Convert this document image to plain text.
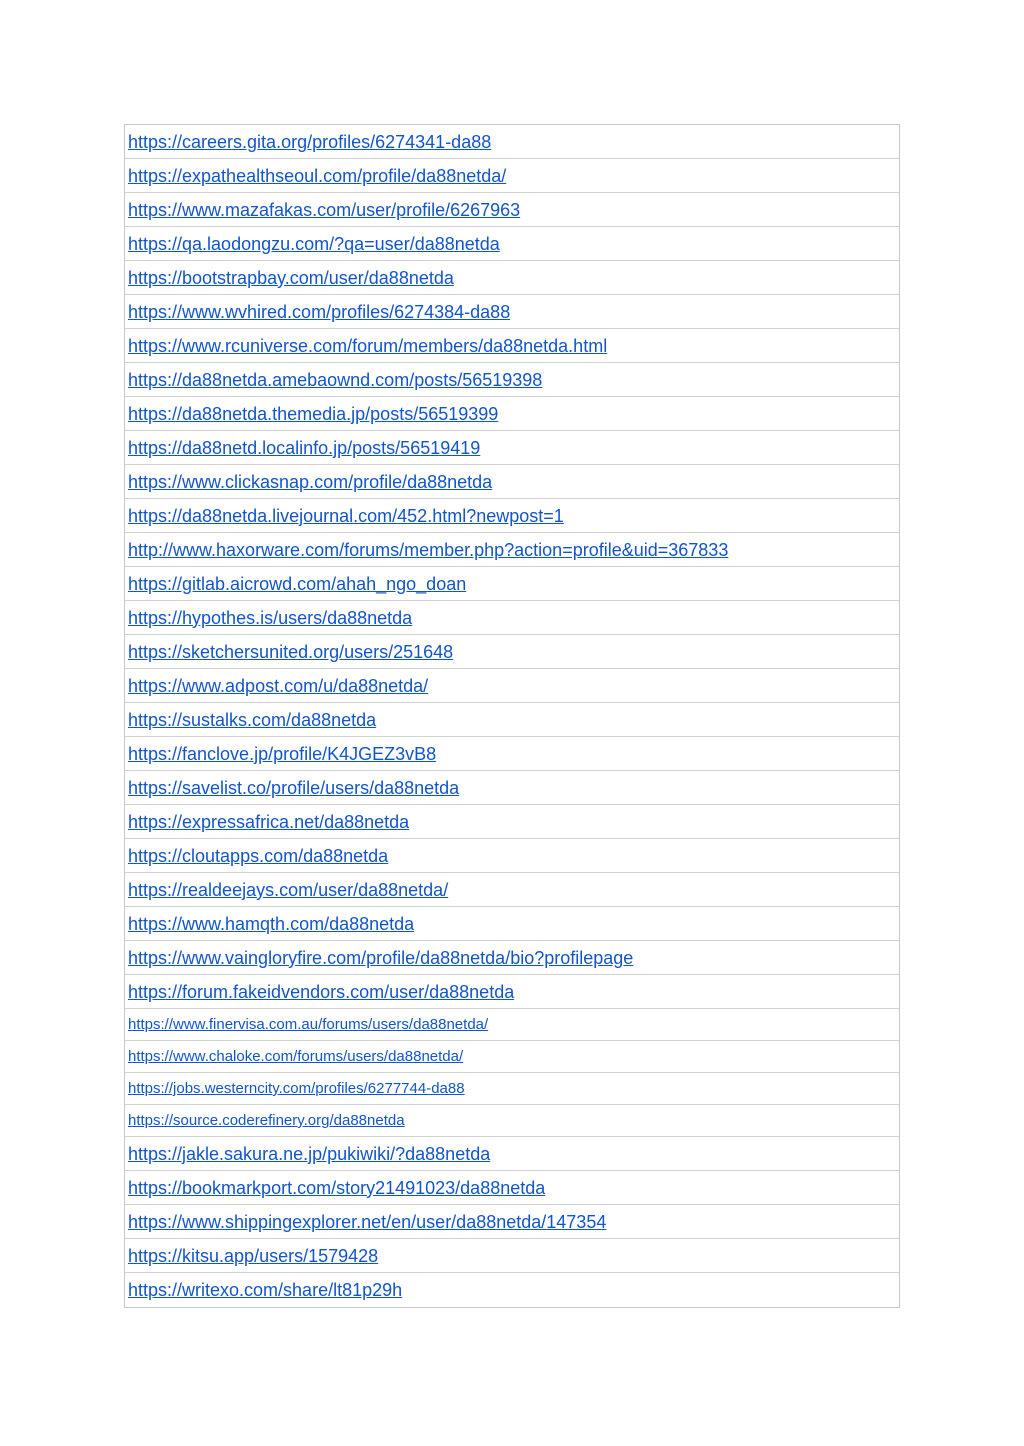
https://careers.gita.org/profiles/6274341-da88
https://expathealthseoul.com/profile/da88netda/
https://www.mazafakas.com/user/profile/6267963
https://qa.laodongzu.com/?qa=user/da88netda
https://bootstrapbay.com/user/da88netda
https://www.wvhired.com/profiles/6274384-da88
https://www.rcuniverse.com/forum/members/da88netda.html
https://da88netda.amebaownd.com/posts/56519398
https://da88netda.themedia.jp/posts/56519399
https://da88netd.localinfo.jp/posts/56519419
https://www.clickasnap.com/profile/da88netda
https://da88netda.livejournal.com/452.html?newpost=1
http://www.haxorware.com/forums/member.php?action=profile&uid=367833
https://gitlab.aicrowd.com/ahah_ngo_doan
https://hypothes.is/users/da88netda
https://sketchersunited.org/users/251648
https://www.adpost.com/u/da88netda/
https://sustalks.com/da88netda
https://fanclove.jp/profile/K4JGEZ3vB8
https://savelist.co/profile/users/da88netda
https://expressafrica.net/da88netda
https://cloutapps.com/da88netda
https://realdeejays.com/user/da88netda/
https://www.hamqth.com/da88netda
https://www.vaingloryfire.com/profile/da88netda/bio?profilepage
https://forum.fakeidvendors.com/user/da88netda
https://www.finervisa.com.au/forums/users/da88netda/
https://www.chaloke.com/forums/users/da88netda/
https://jobs.westerncity.com/profiles/6277744-da88
https://source.coderefinery.org/da88netda
https://jakle.sakura.ne.jp/pukiwiki/?da88netda
https://bookmarkport.com/story21491023/da88netda
https://www.shippingexplorer.net/en/user/da88netda/147354
https://kitsu.app/users/1579428
https://writexo.com/share/lt81p29h
